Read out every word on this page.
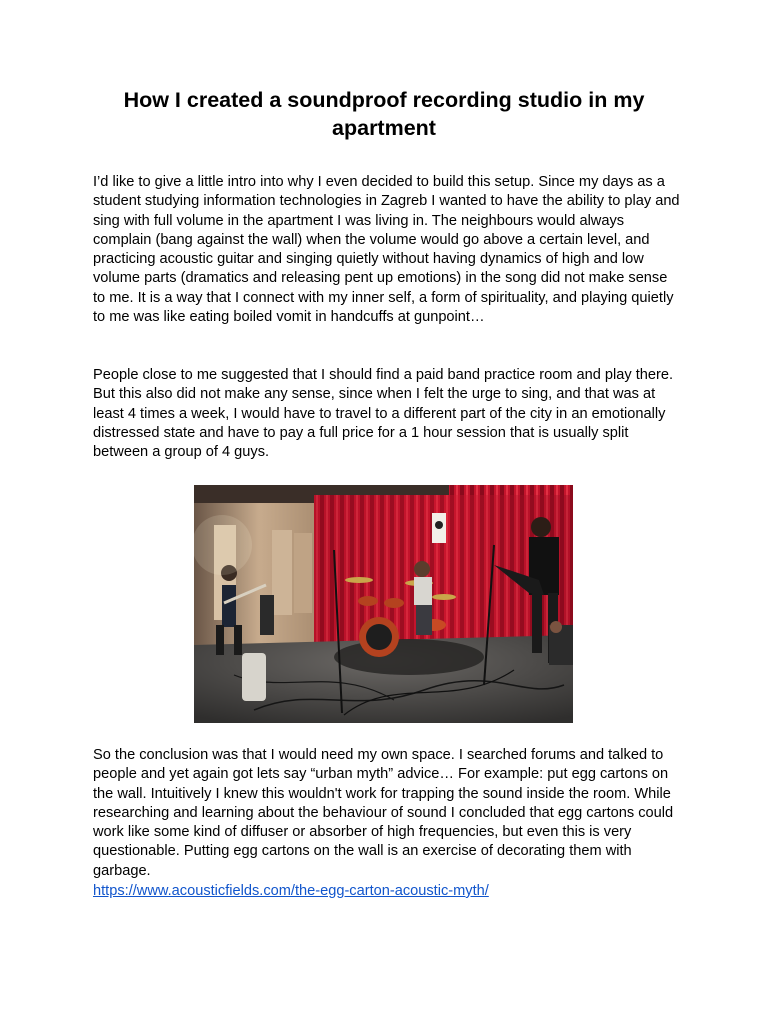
How I created a soundproof recording studio in my apartment

I’d like to give a little intro into why I even decided to build this setup. Since my days as a student studying information technologies in Zagreb I wanted to have the ability to play and sing with full volume in the apartment I was living in. The neighbours would always complain (bang against the wall) when the volume would go above a certain level, and practicing acoustic guitar and singing quietly without having dynamics of high and low volume parts (dramatics and releasing pent up emotions) in the song did not make sense to me. It is a way that I connect with my inner self, a form of spirituality, and playing quietly to me was like eating boiled vomit in handcuffs at gunpoint…

People close to me suggested that I should find a paid band practice room and play there. But this also did not make any sense, since when I felt the urge to sing, and that was at least 4 times a week, I would have to travel to a different part of the city in an emotionally distressed state and have to pay a full price for a 1 hour session that is usually split between a group of 4 guys.

So the conclusion was that I would need my own space. I searched forums and talked to people and yet again got lets say “urban myth” advice… For example: put egg cartons on the wall. Intuitively I knew this wouldn't work for trapping the sound inside the room. While researching and learning about the behaviour of sound I concluded that egg cartons could work like some kind of diffuser or absorber of high frequencies, but even this is very questionable. Putting egg cartons on the wall is an exercise of decorating them with garbage.

https://www.acousticfields.com/the-egg-carton-acoustic-myth/
